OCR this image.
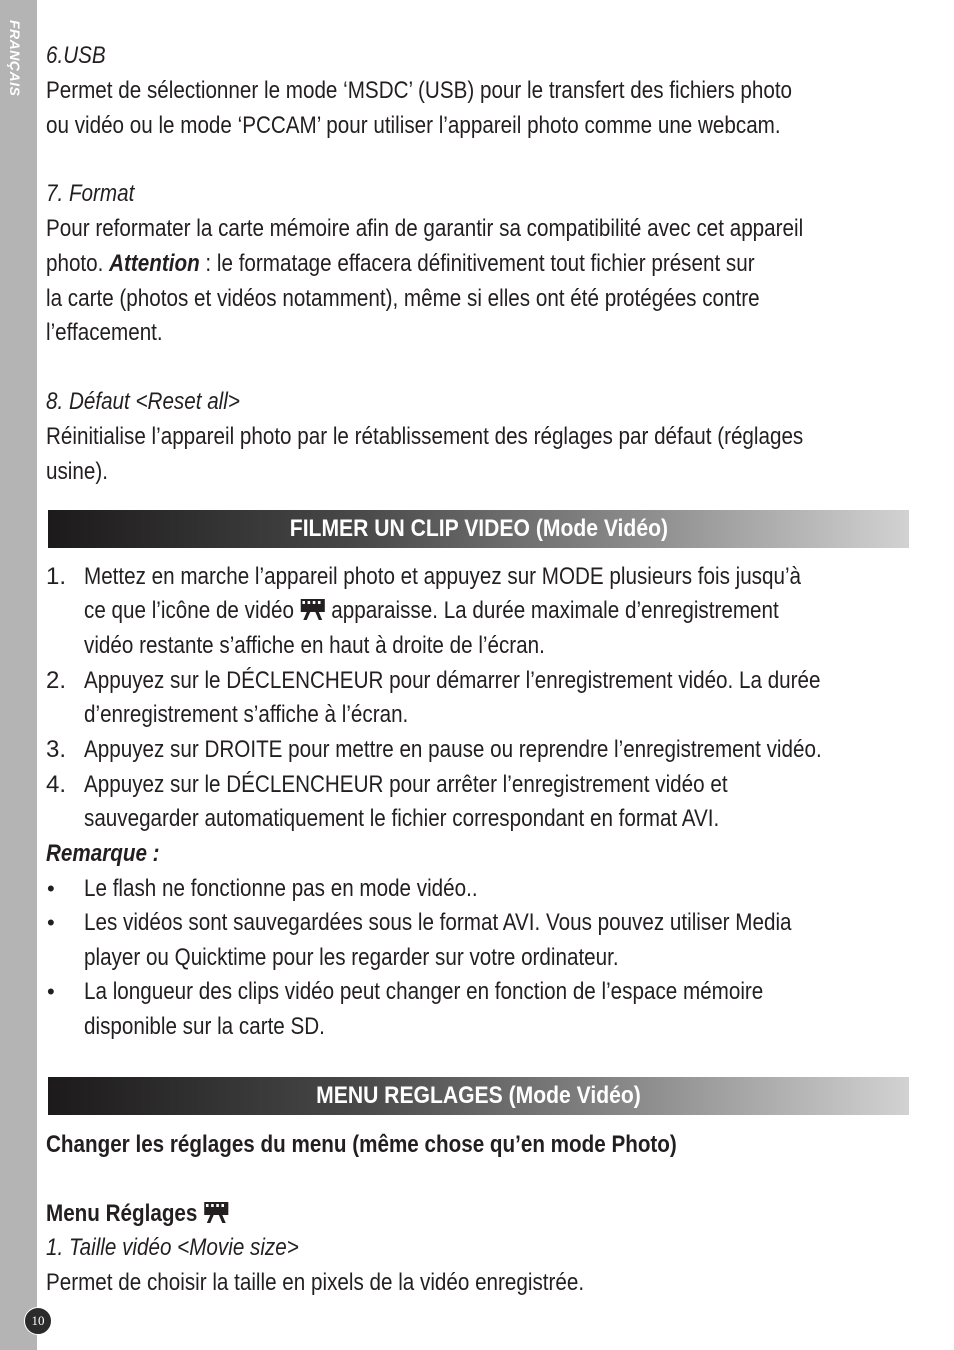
FRANÇAIS 6.USB
Permet de sélectionner le mode ‘MSDC’ (USB) pour le transfert des fichiers photo
ou vidéo ou le mode ‘PCCAM’ pour utiliser l’appareil photo comme une webcam.
7. Format
Pour reformater la carte mémoire afin de garantir sa compatibilité avec cet appareil
photo. Attention : le formatage effacera définitivement tout fichier présent sur
la carte (photos et vidéos notamment), même si elles ont été protégées contre
l’effacement.
8. Défaut <Reset all>
Réinitialise l’appareil photo par le rétablissement des réglages par défaut (réglages
usine).
FILMER UN CLIP VIDEO (Mode Vidéo)
1. Mettez en marche l’appareil photo et appuyez sur MODE plusieurs fois jusqu’à
ce que l’icône de vidéo  apparaisse. La durée maximale d’enregistrement
vidéo restante s’affiche en haut à droite de l’écran.
2. Appuyez sur le DÉCLENCHEUR pour démarrer l’enregistrement vidéo. La durée
d’enregistrement s’affiche à l’écran.
3. Appuyez sur DROITE pour mettre en pause ou reprendre l’enregistrement vidéo.
4. Appuyez sur le DÉCLENCHEUR pour arrêter l’enregistrement vidéo et
sauvegarder automatiquement le fichier correspondant en format AVI.
Remarque :
• Le flash ne fonctionne pas en mode vidéo..
• Les vidéos sont sauvegardées sous le format AVI. Vous pouvez utiliser Media
player ou Quicktime pour les regarder sur votre ordinateur.
• La longueur des clips vidéo peut changer en fonction de l’espace mémoire
disponible sur la carte SD.
MENU REGLAGES (Mode Vidéo)
Changer les réglages du menu (même chose qu’en mode Photo)
Menu Réglages
1. Taille vidéo <Movie size>
Permet de choisir la taille en pixels de la vidéo enregistrée.
10
